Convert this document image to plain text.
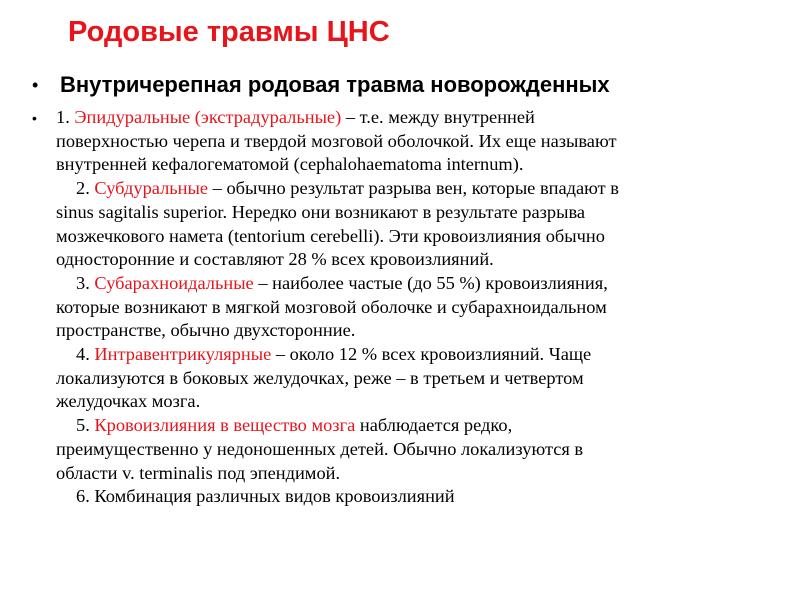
Родовые травмы ЦНС
• Внутричерепная родовая травма новорожденных
• 1. Эпидуральные (экстрадуральные) – т.е. между внутренней
поверхностью черепа и твердой мозговой оболочкой. Их еще называют
внутренней кефалогематомой (cephalohaematoma internum).
2. Субдуральные – обычно результат разрыва вен, которые впадают в
sinus sagitalis superior. Нередко они возникают в результате разрыва
мозжечкового намета (tentorium cerebelli). Эти кровоизлияния обычно
односторонние и составляют 28 % всех кровоизлияний.
3. Субарахноидальные – наиболее частые (до 55 %) кровоизлияния,
которые возникают в мягкой мозговой оболочке и субарахноидальном
пространстве, обычно двухсторонние.
4. Интравентрикулярные – около 12 % всех кровоизлияний. Чаще
локализуются в боковых желудочках, реже – в третьем и четвертом
желудочках мозга.
5. Кровоизлияния в вещество мозга наблюдается редко,
преимущественно у недоношенных детей. Обычно локализуются в
области v. terminalis под эпендимой.
6. Комбинация различных видов кровоизлияний
